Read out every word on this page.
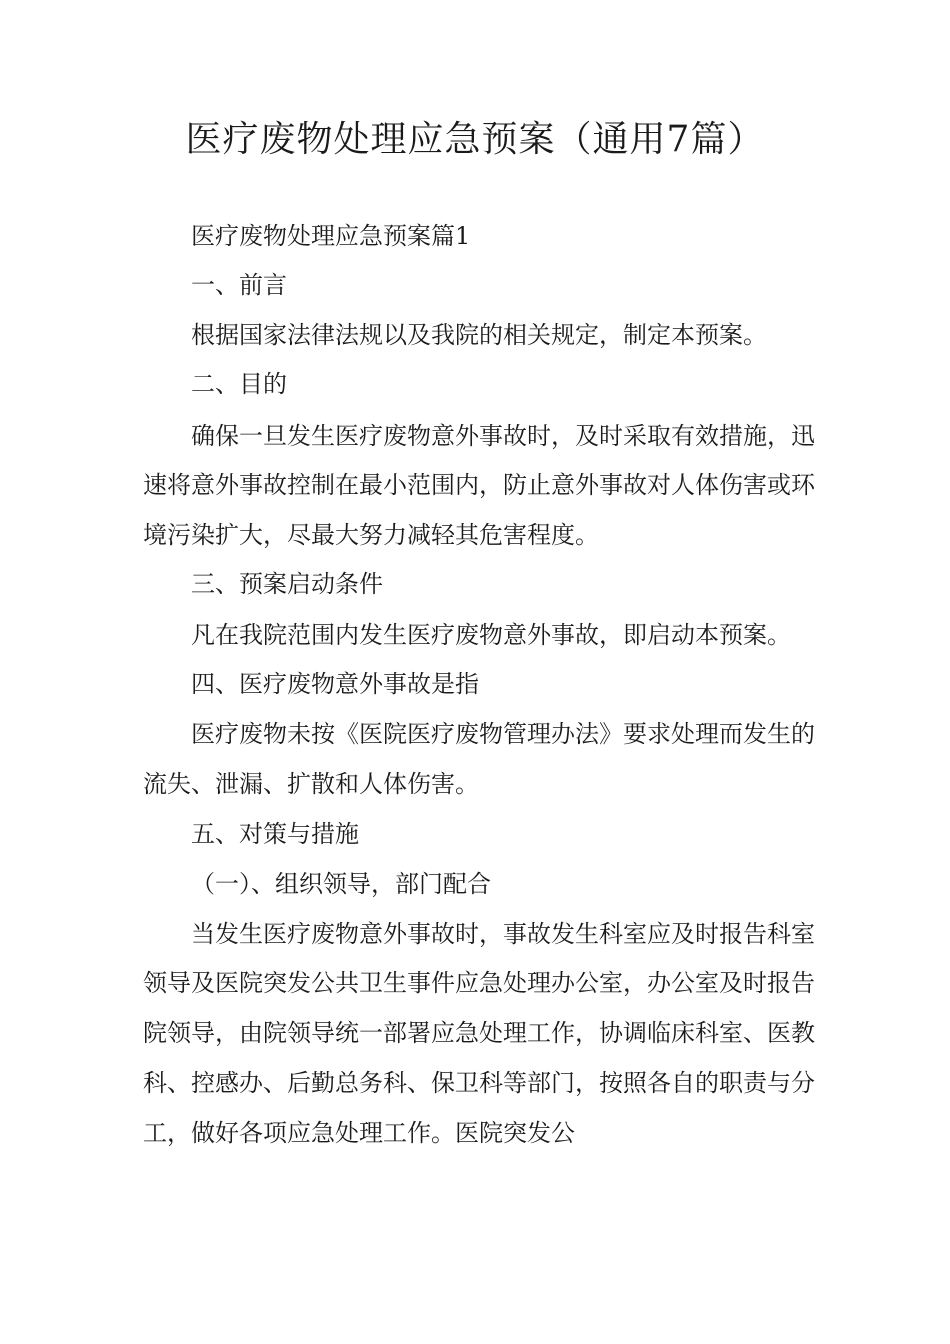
医疗废物处理应急预案（通用7篇）
医疗废物处理应急预案篇1
一、前言
根据国家法律法规以及我院的相关规定，制定本预案。
二、目的
确保一旦发生医疗废物意外事故时，及时采取有效措施，迅
速将意外事故控制在最小范围内，防止意外事故对人体伤害或环
境污染扩大，尽最大努力减轻其危害程度。
三、预案启动条件
凡在我院范围内发生医疗废物意外事故，即启动本预案。
四、医疗废物意外事故是指
医疗废物未按《医院医疗废物管理办法》要求处理而发生的
流失、泄漏、扩散和人体伤害。
五、对策与措施
（一）、组织领导，部门配合
当发生医疗废物意外事故时，事故发生科室应及时报告科室
领导及医院突发公共卫生事件应急处理办公室，办公室及时报告
院领导，由院领导统一部署应急处理工作，协调临床科室、医教
科、控感办、后勤总务科、保卫科等部门，按照各自的职责与分
工，做好各项应急处理工作。医院突发公
